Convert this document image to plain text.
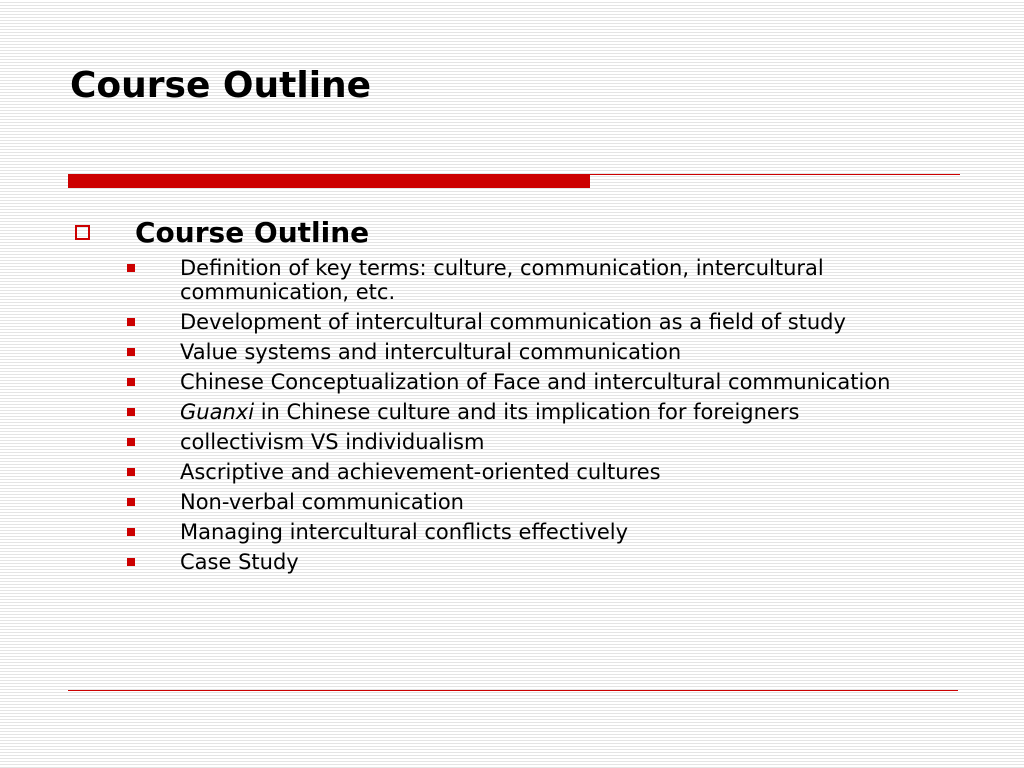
Course Outline
Course Outline
Definition of key terms: culture, communication, intercultural communication, etc.
Development of intercultural communication as a field of study
Value systems and intercultural communication
Chinese Conceptualization of Face and intercultural communication
Guanxi in Chinese culture and its implication for foreigners
collectivism VS individualism
Ascriptive and achievement-oriented cultures
Non-verbal communication
Managing intercultural conflicts effectively
Case Study
